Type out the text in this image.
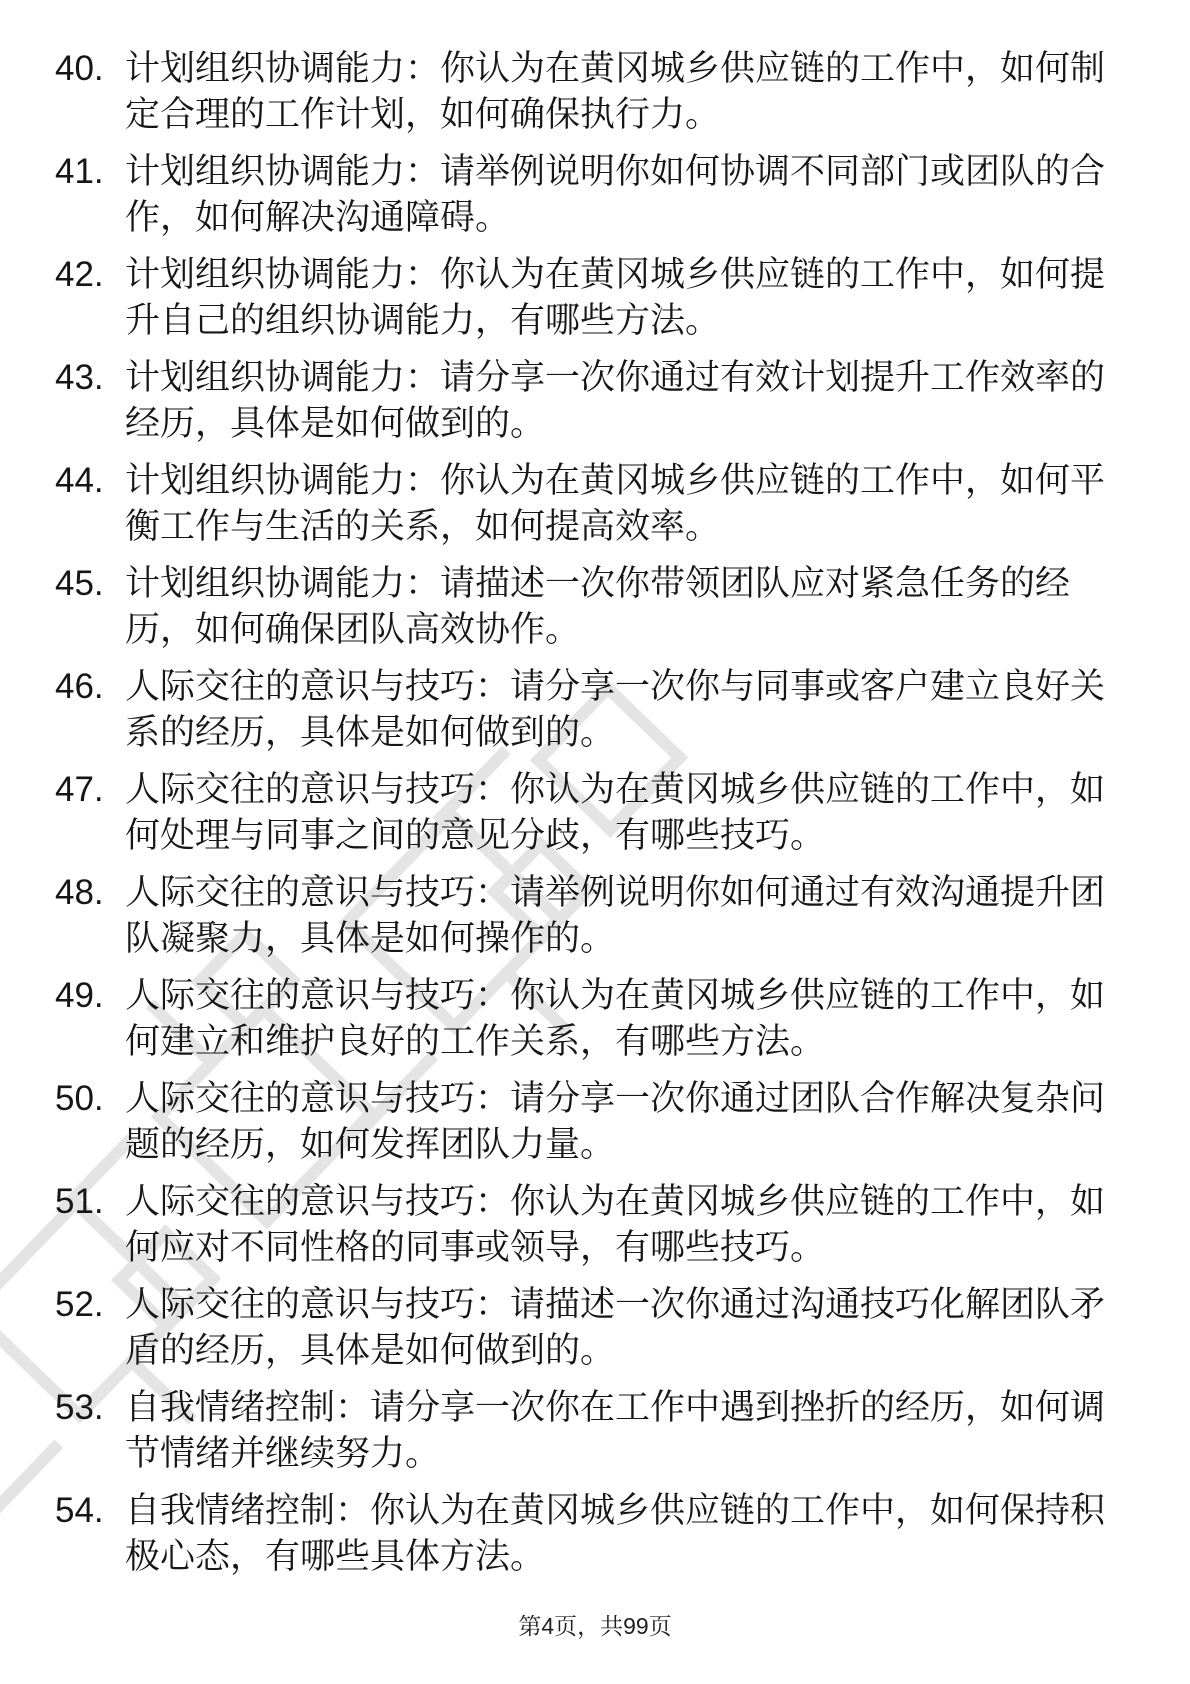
40. 计划组织协调能力：你认为在黄冈城乡供应链的工作中，如何制定合理的工作计划，如何确保执行力。
41. 计划组织协调能力：请举例说明你如何协调不同部门或团队的合作，如何解决沟通障碍。
42. 计划组织协调能力：你认为在黄冈城乡供应链的工作中，如何提升自己的组织协调能力，有哪些方法。
43. 计划组织协调能力：请分享一次你通过有效计划提升工作效率的经历，具体是如何做到的。
44. 计划组织协调能力：你认为在黄冈城乡供应链的工作中，如何平衡工作与生活的关系，如何提高效率。
45. 计划组织协调能力：请描述一次你带领团队应对紧急任务的经历，如何确保团队高效协作。
46. 人际交往的意识与技巧：请分享一次你与同事或客户建立良好关系的经历，具体是如何做到的。
47. 人际交往的意识与技巧：你认为在黄冈城乡供应链的工作中，如何处理与同事之间的意见分歧，有哪些技巧。
48. 人际交往的意识与技巧：请举例说明你如何通过有效沟通提升团队凝聚力，具体是如何操作的。
49. 人际交往的意识与技巧：你认为在黄冈城乡供应链的工作中，如何建立和维护良好的工作关系，有哪些方法。
50. 人际交往的意识与技巧：请分享一次你通过团队合作解决复杂问题的经历，如何发挥团队力量。
51. 人际交往的意识与技巧：你认为在黄冈城乡供应链的工作中，如何应对不同性格的同事或领导，有哪些技巧。
52. 人际交往的意识与技巧：请描述一次你通过沟通技巧化解团队矛盾的经历，具体是如何做到的。
53. 自我情绪控制：请分享一次你在工作中遇到挫折的经历，如何调节情绪并继续努力。
54. 自我情绪控制：你认为在黄冈城乡供应链的工作中，如何保持积极心态，有哪些具体方法。
第4页，共99页
